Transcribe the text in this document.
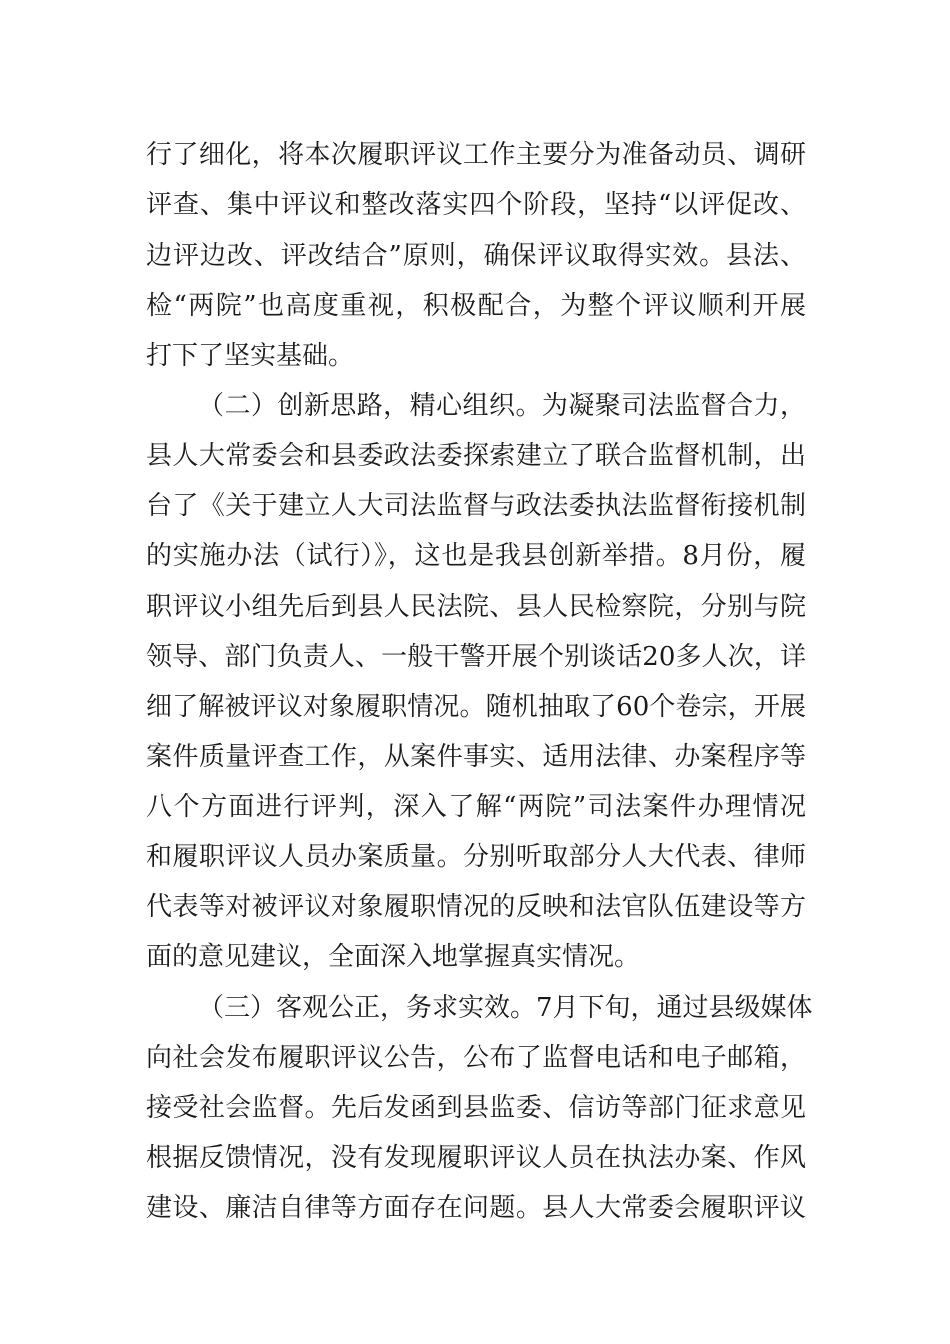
行了细化，将本次履职评议工作主要分为准备动员、调研
评查、集中评议和整改落实四个阶段，坚持“以评促改、
边评边改、评改结合”原则，确保评议取得实效。县法、
检“两院”也高度重视，积极配合，为整个评议顺利开展
打下了坚实基础。
（二）创新思路，精心组织。为凝聚司法监督合力，
县人大常委会和县委政法委探索建立了联合监督机制，出
台了《关于建立人大司法监督与政法委执法监督衔接机制
的实施办法（试行）》，这也是我县创新举措。8月份，履
职评议小组先后到县人民法院、县人民检察院，分别与院
领导、部门负责人、一般干警开展个别谈话20多人次，详
细了解被评议对象履职情况。随机抽取了60个卷宗，开展
案件质量评查工作，从案件事实、适用法律、办案程序等
八个方面进行评判，深入了解“两院”司法案件办理情况
和履职评议人员办案质量。分别听取部分人大代表、律师
代表等对被评议对象履职情况的反映和法官队伍建设等方
面的意见建议，全面深入地掌握真实情况。
（三）客观公正，务求实效。7月下旬，通过县级媒体
向社会发布履职评议公告，公布了监督电话和电子邮箱，
接受社会监督。先后发函到县监委、信访等部门征求意见
根据反馈情况，没有发现履职评议人员在执法办案、作风
建设、廉洁自律等方面存在问题。县人大常委会履职评议
